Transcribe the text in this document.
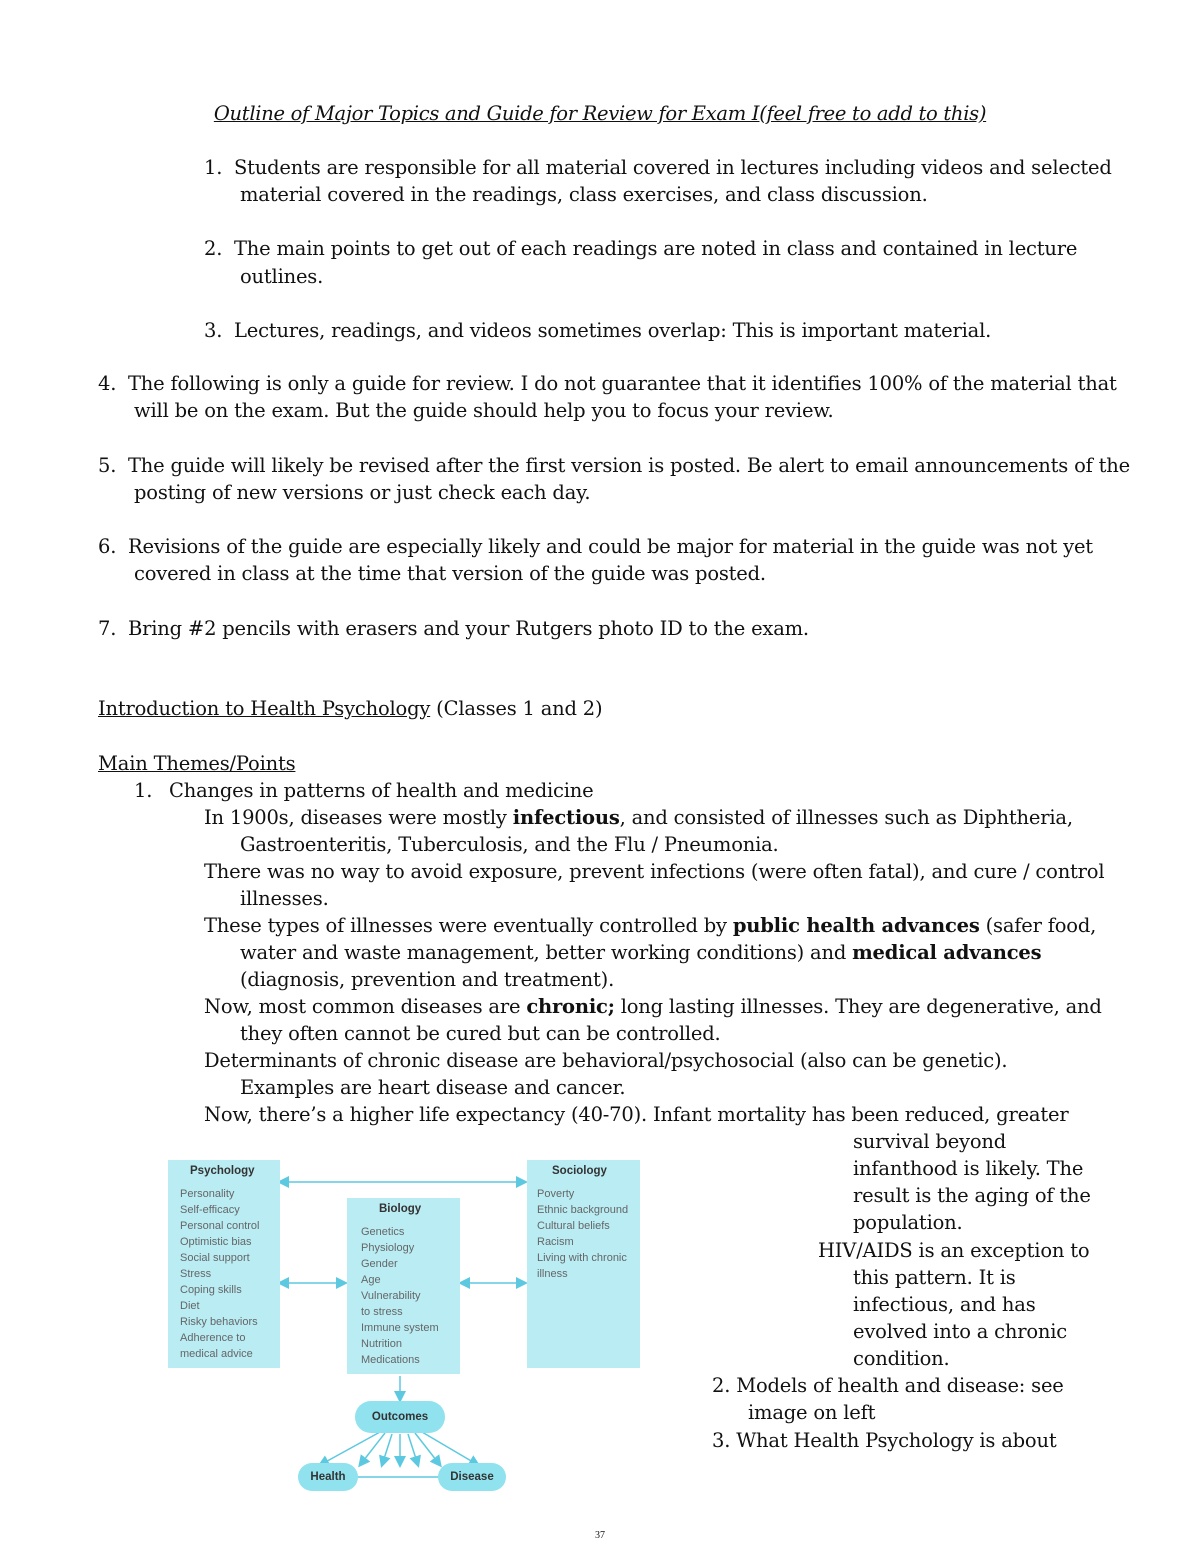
Outline of Major Topics and Guide for Review for Exam I(feel free to add to this)
1. Students are responsible for all material covered in lectures including videos and selected
material covered in the readings, class exercises, and class discussion.
2. The main points to get out of each readings are noted in class and contained in lecture
outlines.
3. Lectures, readings, and videos sometimes overlap: This is important material.
4. The following is only a guide for review. I do not guarantee that it identifies 100% of the material that
will be on the exam. But the guide should help you to focus your review.
5. The guide will likely be revised after the first version is posted. Be alert to email announcements of the
posting of new versions or just check each day.
6. Revisions of the guide are especially likely and could be major for material in the guide was not yet
covered in class at the time that version of the guide was posted.
7. Bring #2 pencils with erasers and your Rutgers photo ID to the exam.
Introduction to Health Psychology (Classes 1 and 2)
Main Themes/Points
1. Changes in patterns of health and medicine
In 1900s, diseases were mostly infectious, and consisted of illnesses such as Diphtheria,
Gastroenteritis, Tuberculosis, and the Flu / Pneumonia.
There was no way to avoid exposure, prevent infections (were often fatal), and cure / control
illnesses.
These types of illnesses were eventually controlled by public health advances (safer food,
water and waste management, better working conditions) and medical advances
(diagnosis, prevention and treatment).
Now, most common diseases are chronic; long lasting illnesses. They are degenerative, and
they often cannot be cured but can be controlled.
Determinants of chronic disease are behavioral/psychosocial (also can be genetic).
Examples are heart disease and cancer.
Now, there’s a higher life expectancy (40-70). Infant mortality has been reduced, greater
survival beyond
infanthood is likely. The
result is the aging of the
population.
HIV/AIDS is an exception to
this pattern. It is
infectious, and has
evolved into a chronic
condition.
2. Models of health and disease: see
image on left
3. What Health Psychology is about
Psychology
Personality
Self-efficacy
Personal control
Optimistic bias
Social support
Stress
Coping skills
Diet
Risky behaviors
Adherence to
medical advice
Biology
Genetics
Physiology
Gender
Age
Vulnerability
to stress
Immune system
Nutrition
Medications
Sociology
Poverty
Ethnic background
Cultural beliefs
Racism
Living with chronic
illness
Outcomes
Health	Disease
37
